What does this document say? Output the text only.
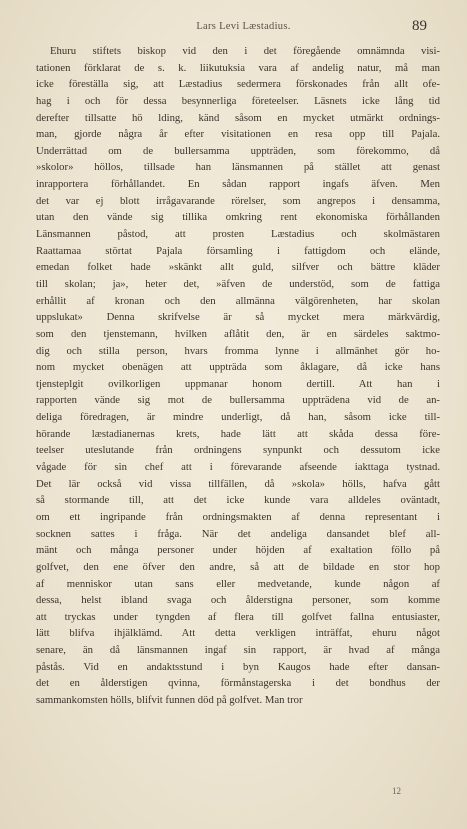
Lars Levi Læstadius.	89
Ehuru stiftets biskop vid den i det föregående omnämnda visi-
tationen förklarat de s. k. liikutuksia vara af andelig natur, må man
icke föreställa sig, att Læstadius sedermera förskonades från allt ofe-
hag i och för dessa besynnerliga företeelser. Läsnets icke lång tid
derefter tillsatte hö lding, känd såsom en mycket utmärkt ordnings-
man, gjorde några år efter visitationen en resa opp till Pajala.
Underrättad om de bullersamma uppträden, som förekommo, då
»skolor» höllos, tillsade han länsmannen på stället att genast
inrapportera förhållandet. En sådan rapport ingafs äfven. Men
det var ej blott irrågavarande rörelser, som angrepos i densamma,
utan den vände sig tillika omkring rent ekonomiska förhållanden
Länsmannen påstod, att prosten Læstadius och skolmästaren
Raattamaa störtat Pajala församling i fattigdom och elände,
emedan folket hade »skänkt allt guld, silfver och bättre kläder
till skolan; ja», heter det, »äfven de understöd, som de fattiga
erhållit af kronan och den allmänna välgörenheten, har skolan
uppslukat» Denna skrifvelse är så mycket mera märkvärdig,
som den tjenstemann, hvilken aflåtit den, är en särdeles saktmo-
dig och stilla person, hvars fromma lynne i allmänhet gör ho-
nom mycket obenägen att uppträda som åklagare, då icke hans
tjensteplgit ovilkorligen uppmanar honom dertill. Att han i
rapporten vände sig mot de bullersamma uppträdena vid de an-
deliga föredragen, är mindre underligt, då han, såsom icke till-
hörande læstadianernas krets, hade lätt att skåda dessa före-
teelser uteslutande från ordningens synpunkt och dessutom icke
vågade för sin chef att i förevarande afseende iakttaga tystnad.
Det lär också vid vissa tillfällen, då »skola» hölls, hafva gått
så stormande till, att det icke kunde vara alldeles oväntadt,
om ett ingripande från ordningsmakten af denna representant i
socknen sattes i fråga. När det andeliga dansandet blef all-
mänt och många personer under höjden af exaltation föllo på
golfvet, den ene öfver den andre, så att de bildade en stor hop
af menniskor utan sans eller medvetande, kunde någon af
dessa, helst ibland svaga och ålderstigna personer, som komme
att tryckas under tyngden af flera till golfvet fallna entusiaster,
lätt blifva ihjälklämd. Att detta verkligen inträffat, ehuru något
senare, än då länsmannen ingaf sin rapport, är hvad af många
påstås. Vid en andaktsstund i byn Kaugos hade efter dansan-
det en ålderstigen qvinna, förmånstagerska i det bondhus der
sammankomsten hölls, blifvit funnen död på golfvet. Man tror
12
